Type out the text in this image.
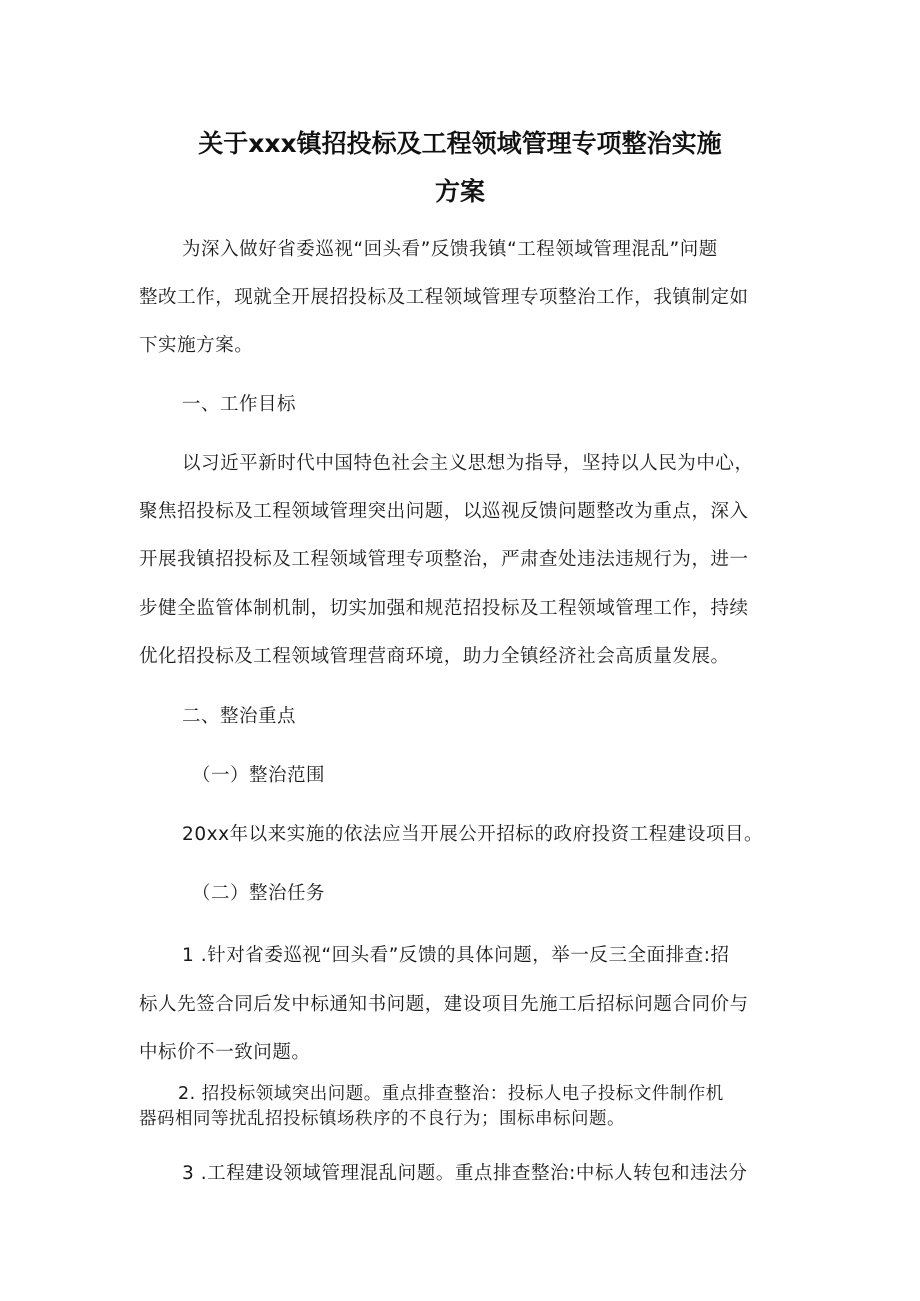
关于xxx镇招投标及工程领域管理专项整治实施
方案
为深入做好省委巡视“回头看”反馈我镇“工程领域管理混乱”问题
整改工作，现就全开展招投标及工程领域管理专项整治工作，我镇制定如
下实施方案。
一、工作目标
以习近平新时代中国特色社会主义思想为指导，坚持以人民为中心，
聚焦招投标及工程领域管理突出问题，以巡视反馈问题整改为重点，深入
开展我镇招投标及工程领域管理专项整治，严肃查处违法违规行为，进一
步健全监管体制机制，切实加强和规范招投标及工程领域管理工作，持续
优化招投标及工程领域管理营商环境，助力全镇经济社会高质量发展。
二、整治重点
（一）整治范围
20xx年以来实施的依法应当开展公开招标的政府投资工程建设项目。
（二）整治任务
1 .针对省委巡视“回头看”反馈的具体问题，举一反三全面排查:招
标人先签合同后发中标通知书问题，建设项目先施工后招标问题合同价与
中标价不一致问题。
2. 招投标领域突出问题。重点排查整治：投标人电子投标文件制作机
器码相同等扰乱招投标镇场秩序的不良行为；围标串标问题。
3 .工程建设领域管理混乱问题。重点排查整治:中标人转包和违法分
